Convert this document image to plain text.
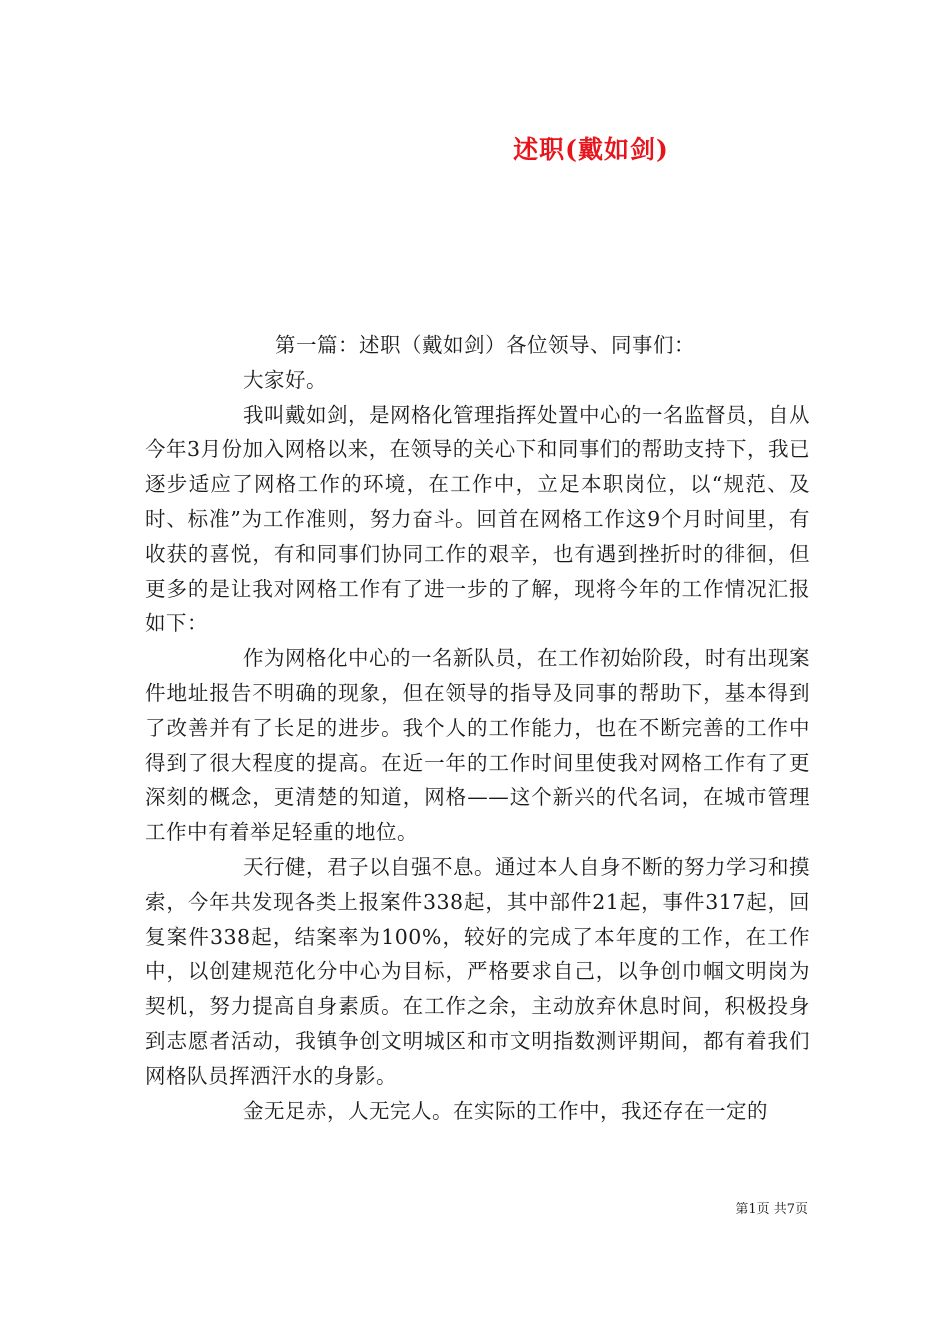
述职(戴如剑)

第一篇：述职（戴如剑）各位领导、同事们：

大家好。

我叫戴如剑，是网格化管理指挥处置中心的一名监督员，自从今年3月份加入网格以来，在领导的关心下和同事们的帮助支持下，我已逐步适应了网格工作的环境，在工作中，立足本职岗位，以“规范、及时、标准”为工作准则，努力奋斗。回首在网格工作这9个月时间里，有收获的喜悦，有和同事们协同工作的艰辛，也有遇到挫折时的徘徊，但更多的是让我对网格工作有了进一步的了解，现将今年的工作情况汇报如下：

作为网格化中心的一名新队员，在工作初始阶段，时有出现案件地址报告不明确的现象，但在领导的指导及同事的帮助下，基本得到了改善并有了长足的进步。我个人的工作能力，也在不断完善的工作中得到了很大程度的提高。在近一年的工作时间里使我对网格工作有了更深刻的概念，更清楚的知道，网格——这个新兴的代名词，在城市管理工作中有着举足轻重的地位。

天行健，君子以自强不息。通过本人自身不断的努力学习和摸索，今年共发现各类上报案件338起，其中部件21起，事件317起，回复案件338起，结案率为100%，较好的完成了本年度的工作，在工作中，以创建规范化分中心为目标，严格要求自己，以争创巾帼文明岗为契机，努力提高自身素质。在工作之余，主动放弃休息时间，积极投身到志愿者活动，我镇争创文明城区和市文明指数测评期间，都有着我们网格队员挥洒汗水的身影。

金无足赤，人无完人。在实际的工作中，我还存在一定的

第1页 共7页
